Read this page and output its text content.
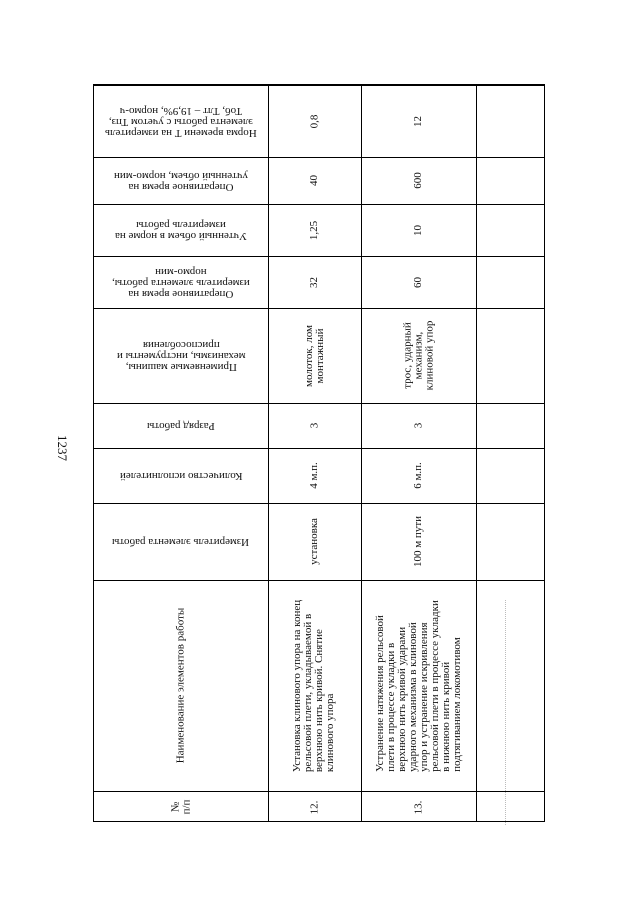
1237
Норма времени Т на измеритель
элемента работы с учетом Тпз,
Тоб, Тлт – 19,9%, нормо-ч
Оперативное время на
учтенный объем, нормо-мин
Учтенный объем в норме на
измеритель работы
Оперативное время на
измеритель элемента работы,
нормо-мин
Применяемые машины,
механизмы, инструменты и
приспособления
Разряд работы
Количество исполнителей
Измеритель элемента работы
Наименование элементов работы
№
п/п
0,8
40
1,25
32
молоток, лом
монтажный
3
4 м.п.
установка
Установка клинового упора на конец
рельсовой плети, укладываемой в
верхнюю нить кривой. Снятие
клинового упора
12.
12
600
10
60
трос, ударный
механизм,
клиновой упор
3
6 м.п.
100 м пути
Устранение натяжения рельсовой
плети в процессе укладки в
верхнюю нить кривой ударами
ударного механизма в клиновой
упор и устранение искривления
рельсовой плети в процессе укладки
в нижнюю нить кривой
подтягиванием локомотивом
13.
